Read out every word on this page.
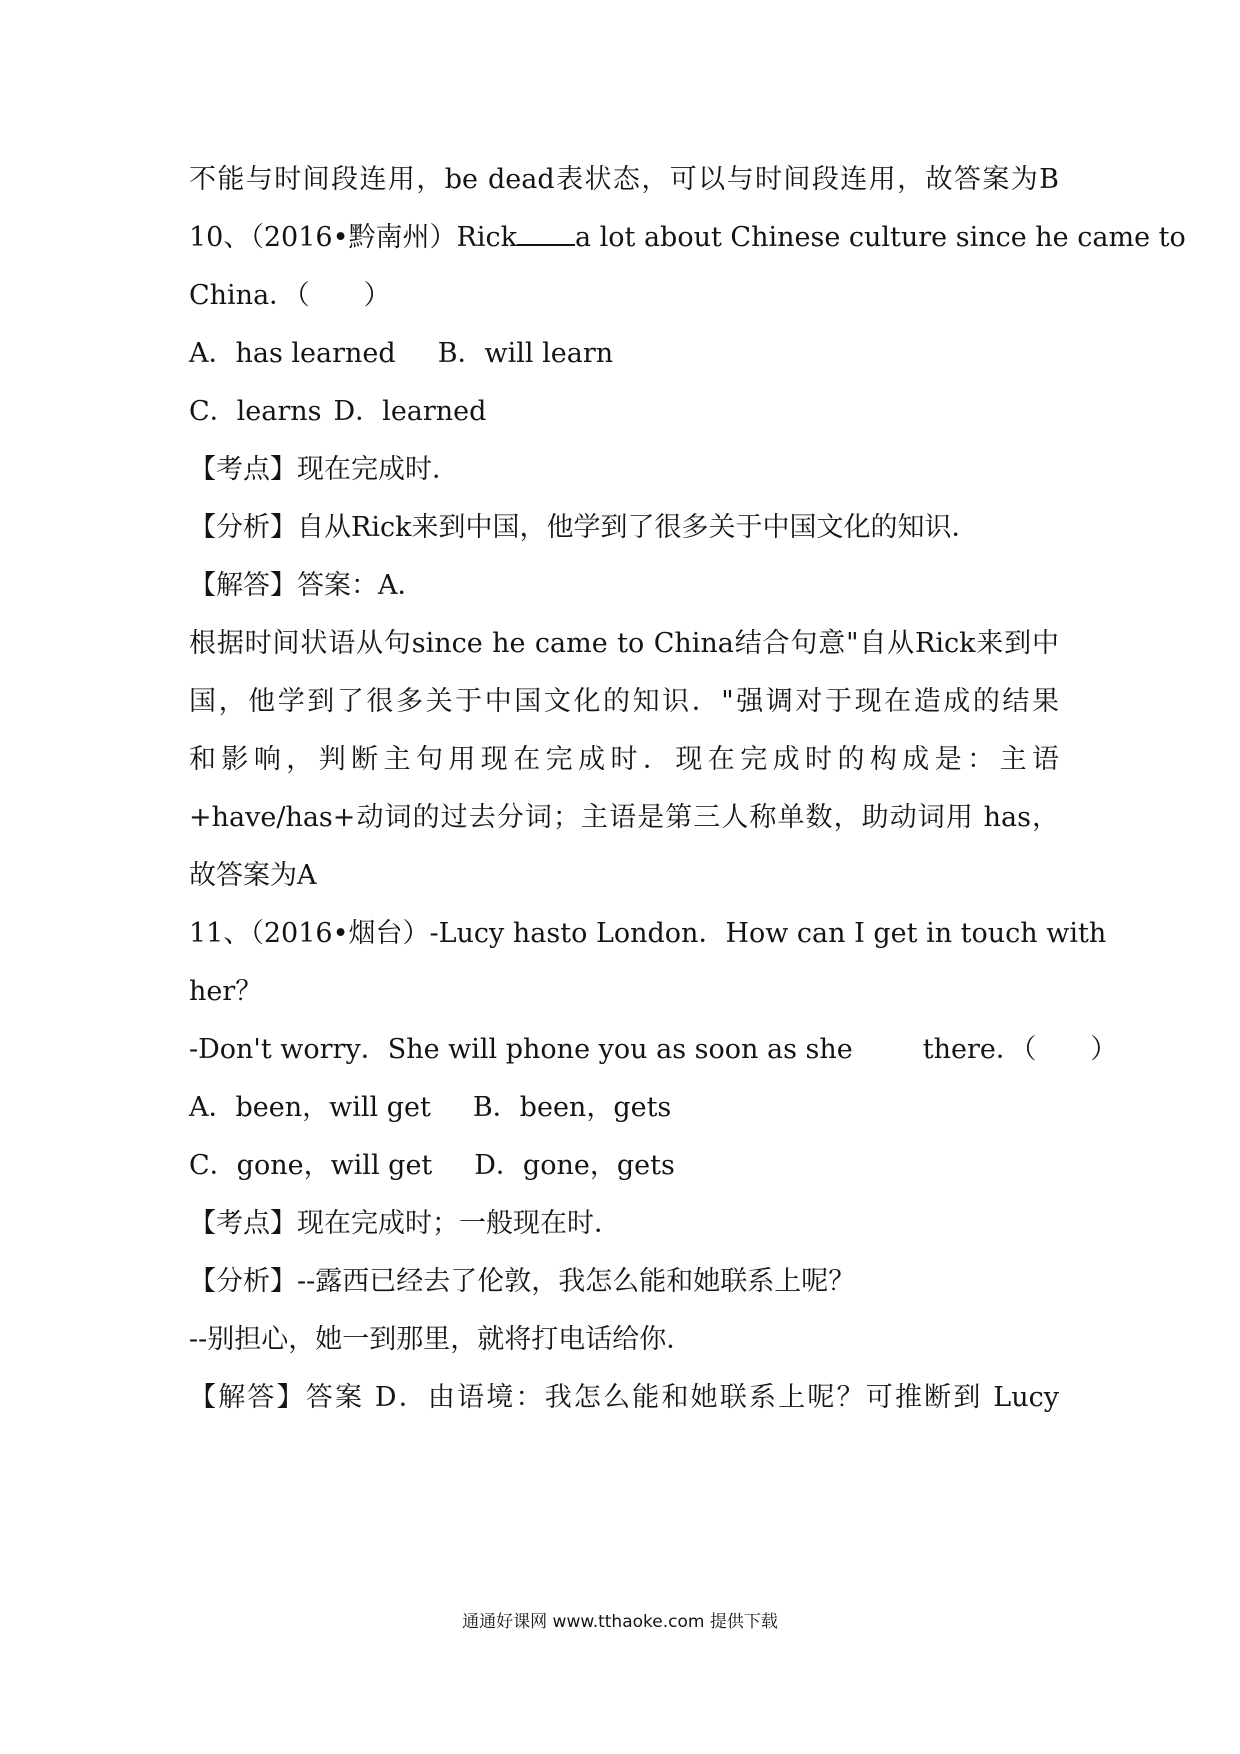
不能与时间段连用，be dead表状态，可以与时间段连用，故答案为B
10、（2016•黔南州）Rick a lot about Chinese culture since he came to
China．（　　）
A．has learned B．will learn
C．learns D．learned
【考点】现在完成时．
【分析】自从Rick来到中国，他学到了很多关于中国文化的知识．
【解答】答案：A．
根据时间状语从句since he came to China结合句意"自从Rick来到中
国，他学到了很多关于中国文化的知识．"强调对于现在造成的结果
和影响，判断主句用现在完成时．现在完成时的构成是：主语
+have/has+动词的过去分词；主语是第三人称单数，助动词用 has，
故答案为A
11、（2016•烟台）-Lucy has to London．How can I get in touch with
her？
-Don't worry．She will phone you as soon as she	there．（　　）
A．been，will get B．been，gets
C．gone，will get D．gone，gets
【考点】现在完成时；一般现在时．
【分析】--露西已经去了伦敦，我怎么能和她联系上呢？
--别担心，她一到那里，就将打电话给你．
【解答】答案 D．由语境：我怎么能和她联系上呢？可推断到 Lucy
通通好课网 www.tthaoke.com 提供下载
